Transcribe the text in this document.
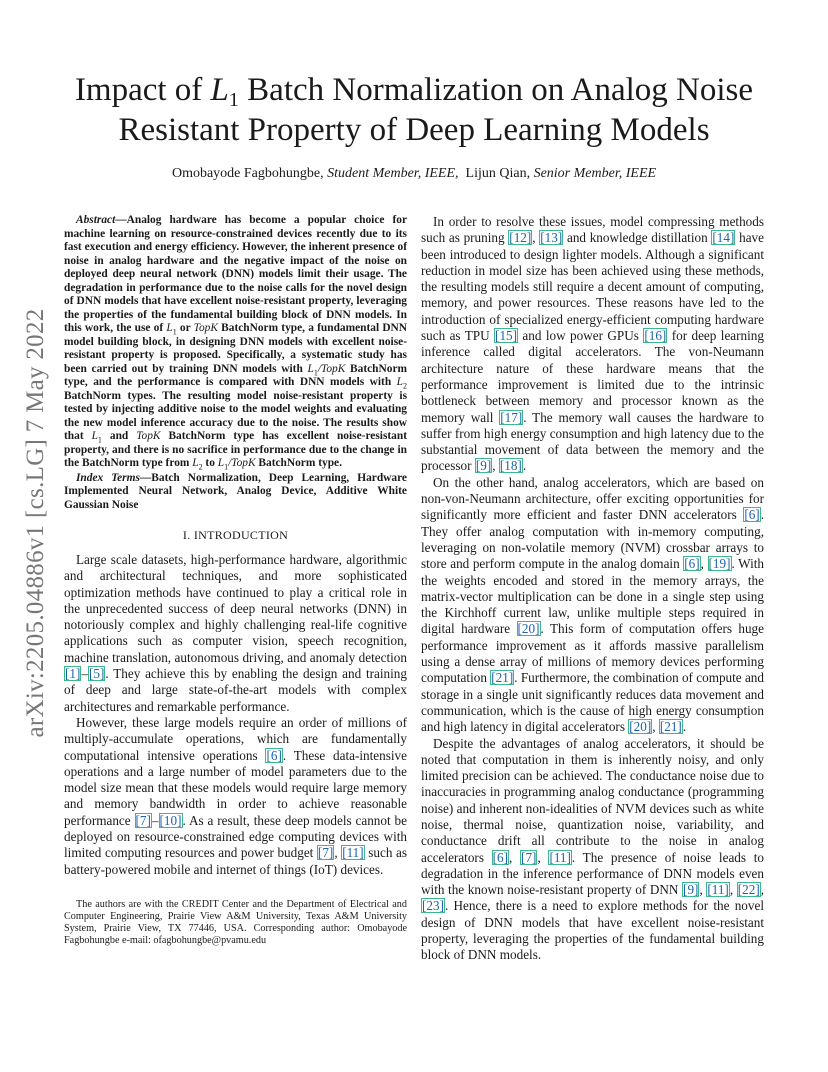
arXiv:2205.04886v1 [cs.LG] 7 May 2022
Impact of $L_1$ Batch Normalization on Analog Noise
Resistant Property of Deep Learning Models
Omobayode Fagbohungbe, Student Member, IEEE, Lijun Qian, Senior Member, IEEE

Abstract—Analog hardware has become a popular choice for machine learning on resource-constrained devices recently due to its fast execution and energy efficiency. However, the inherent presence of noise in analog hardware and the negative impact of the noise on deployed deep neural network (DNN) models limit their usage. The degradation in performance due to the noise calls for the novel design of DNN models that have excellent noise-resistant property, leveraging the properties of the fundamental building block of DNN models. In this work, the use of $L_1$ or TopK BatchNorm type, a fundamental DNN model building block, in designing DNN models with excellent noise-resistant property is proposed. Specifically, a systematic study has been carried out by training DNN models with $L_1$/TopK BatchNorm type, and the performance is compared with DNN models with $L_2$ BatchNorm types. The resulting model noise-resistant property is tested by injecting additive noise to the model weights and evaluating the new model inference accuracy due to the noise. The results show that $L_1$ and TopK BatchNorm type has excellent noise-resistant property, and there is no sacrifice in performance due to the change in the BatchNorm type from $L_2$ to $L_1$/TopK BatchNorm type.

Index Terms—Batch Normalization, Deep Learning, Hardware Implemented Neural Network, Analog Device, Additive White Gaussian Noise

I. INTRODUCTION

Large scale datasets, high-performance hardware, algorithmic and architectural techniques, and more sophisticated optimization methods have continued to play a critical role in the unprecedented success of deep neural networks (DNN) in notoriously complex and highly challenging real-life cognitive applications such as computer vision, speech recognition, machine translation, autonomous driving, and anomaly detection [1]–[5]. They achieve this by enabling the design and training of deep and large state-of-the-art models with complex architectures and remarkable performance.

However, these large models require an order of millions of multiply-accumulate operations, which are fundamentally computational intensive operations [6]. These data-intensive operations and a large number of model parameters due to the model size mean that these models would require large memory and memory bandwidth in order to achieve reasonable performance [7]–[10]. As a result, these deep models cannot be deployed on resource-constrained edge computing devices with limited computing resources and power budget [7], [11] such as battery-powered mobile and internet of things (IoT) devices.

The authors are with the CREDIT Center and the Department of Electrical and Computer Engineering, Prairie View A&M University, Texas A&M University System, Prairie View, TX 77446, USA. Corresponding author: Omobayode Fagbohungbe e-mail: ofagbohungbe@pvamu.edu

In order to resolve these issues, model compressing methods such as pruning [12], [13] and knowledge distillation [14] have been introduced to design lighter models. Although a significant reduction in model size has been achieved using these methods, the resulting models still require a decent amount of computing, memory, and power resources. These reasons have led to the introduction of specialized energy-efficient computing hardware such as TPU [15] and low power GPUs [16] for deep learning inference called digital accelerators. The von-Neumann architecture nature of these hardware means that the performance improvement is limited due to the intrinsic bottleneck between memory and processor known as the memory wall [17]. The memory wall causes the hardware to suffer from high energy consumption and high latency due to the substantial movement of data between the memory and the processor [9], [18].

On the other hand, analog accelerators, which are based on non-von-Neumann architecture, offer exciting opportunities for significantly more efficient and faster DNN accelerators [6]. They offer analog computation with in-memory computing, leveraging on non-volatile memory (NVM) crossbar arrays to store and perform compute in the analog domain [6], [19]. With the weights encoded and stored in the memory arrays, the matrix-vector multiplication can be done in a single step using the Kirchhoff current law, unlike multiple steps required in digital hardware [20]. This form of computation offers huge performance improvement as it affords massive parallelism using a dense array of millions of memory devices performing computation [21]. Furthermore, the combination of compute and storage in a single unit significantly reduces data movement and communication, which is the cause of high energy consumption and high latency in digital accelerators [20], [21].

Despite the advantages of analog accelerators, it should be noted that computation in them is inherently noisy, and only limited precision can be achieved. The conductance noise due to inaccuracies in programming analog conductance (programming noise) and inherent non-idealities of NVM devices such as white noise, thermal noise, quantization noise, variability, and conductance drift all contribute to the noise in analog accelerators [6], [7], [11]. The presence of noise leads to degradation in the inference performance of DNN models even with the known noise-resistant property of DNN [9], [11], [22], [23]. Hence, there is a need to explore methods for the novel design of DNN models that have excellent noise-resistant property, leveraging the properties of the fundamental building block of DNN models.
